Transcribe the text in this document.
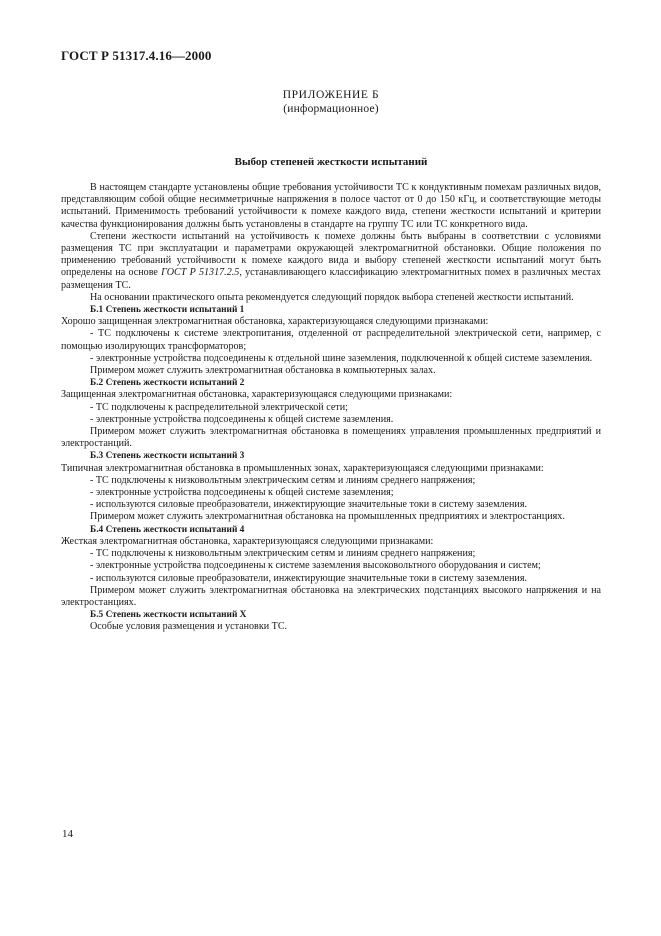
ГОСТ Р 51317.4.16—2000
ПРИЛОЖЕНИЕ Б
(информационное)
Выбор степеней жесткости испытаний

В настоящем стандарте установлены общие требования устойчивости ТС к кондуктивным помехам различных видов, представляющим собой общие несимметричные напряжения в полосе частот от 0 до 150 кГц, и соответствующие методы испытаний. Применимость требований устойчивости к помехе каждого вида, степени жесткости испытаний и критерии качества функционирования должны быть установлены в стандарте на группу ТС или ТС конкретного вида.

Степени жесткости испытаний на устойчивость к помехе должны быть выбраны в соответствии с условиями размещения ТС при эксплуатации и параметрами окружающей электромагнитной обстановки. Общие положения по применению требований устойчивости к помехе каждого вида и выбору степеней жесткости испытаний могут быть определены на основе ГОСТ Р 51317.2.5, устанавливающего классификацию электромагнитных помех в различных местах размещения ТС.

На основании практического опыта рекомендуется следующий порядок выбора степеней жесткости испытаний.

Б.1 Степень жесткости испытаний 1

Хорошо защищенная электромагнитная обстановка, характеризующаяся следующими признаками:

- ТС подключены к системе электропитания, отделенной от распределительной электрической сети, например, с помощью изолирующих трансформаторов;

- электронные устройства подсоединены к отдельной шине заземления, подключенной к общей системе заземления.

Примером может служить электромагнитная обстановка в компьютерных залах.

Б.2 Степень жесткости испытаний 2

Защищенная электромагнитная обстановка, характеризующаяся следующими признаками:

- ТС подключены к распределительной электрической сети;

- электронные устройства подсоединены к общей системе заземления.

Примером может служить электромагнитная обстановка в помещениях управления промышленных предприятий и электростанций.

Б.3 Степень жесткости испытаний 3

Типичная электромагнитная обстановка в промышленных зонах, характеризующаяся следующими признаками:

- ТС подключены к низковольтным электрическим сетям и линиям среднего напряжения;

- электронные устройства подсоединены к общей системе заземления;

- используются силовые преобразователи, инжектирующие значительные токи в систему заземления.

Примером может служить электромагнитная обстановка на промышленных предприятиях и электростанциях.

Б.4 Степень жесткости испытаний 4

Жесткая электромагнитная обстановка, характеризующаяся следующими признаками:

- ТС подключены к низковольтным электрическим сетям и линиям среднего напряжения;

- электронные устройства подсоединены к системе заземления высоковольтного оборудования и систем;

- используются силовые преобразователи, инжектирующие значительные токи в систему заземления.

Примером может служить электромагнитная обстановка на электрических подстанциях высокого напряжения и на электростанциях.

Б.5 Степень жесткости испытаний X

Особые условия размещения и установки ТС.

14
